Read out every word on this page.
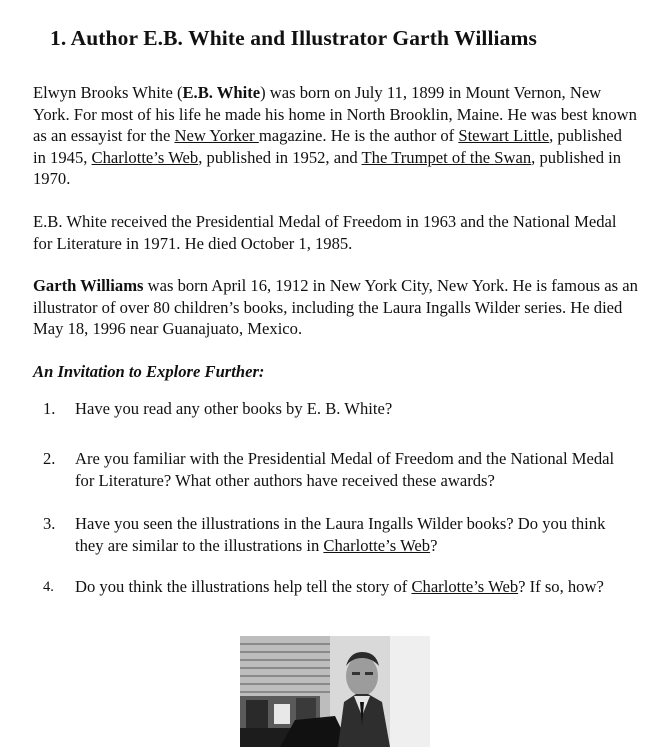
1. Author E.B. White and Illustrator Garth Williams

Elwyn Brooks White (E.B. White) was born on July 11, 1899 in Mount Vernon, New York. For most of his life he made his home in North Brooklin, Maine. He was best known as an essayist for the New Yorker magazine. He is the author of Stewart Little, published in 1945, Charlotte’s Web, published in 1952, and The Trumpet of the Swan, published in 1970.

E.B. White received the Presidential Medal of Freedom in 1963 and the National Medal for Literature in 1971. He died October 1, 1985.

Garth Williams was born April 16, 1912 in New York City, New York. He is famous as an illustrator of over 80 children’s books, including the Laura Ingalls Wilder series. He died May 18, 1996 near Guanajuato, Mexico.

An Invitation to Explore Further:

1. Have you read any other books by E. B. White?
2. Are you familiar with the Presidential Medal of Freedom and the National Medal for Literature? What other authors have received these awards?
3. Have you seen the illustrations in the Laura Ingalls Wilder books? Do you think they are similar to the illustrations in Charlotte’s Web?
4. Do you think the illustrations help tell the story of Charlotte’s Web? If so, how?
